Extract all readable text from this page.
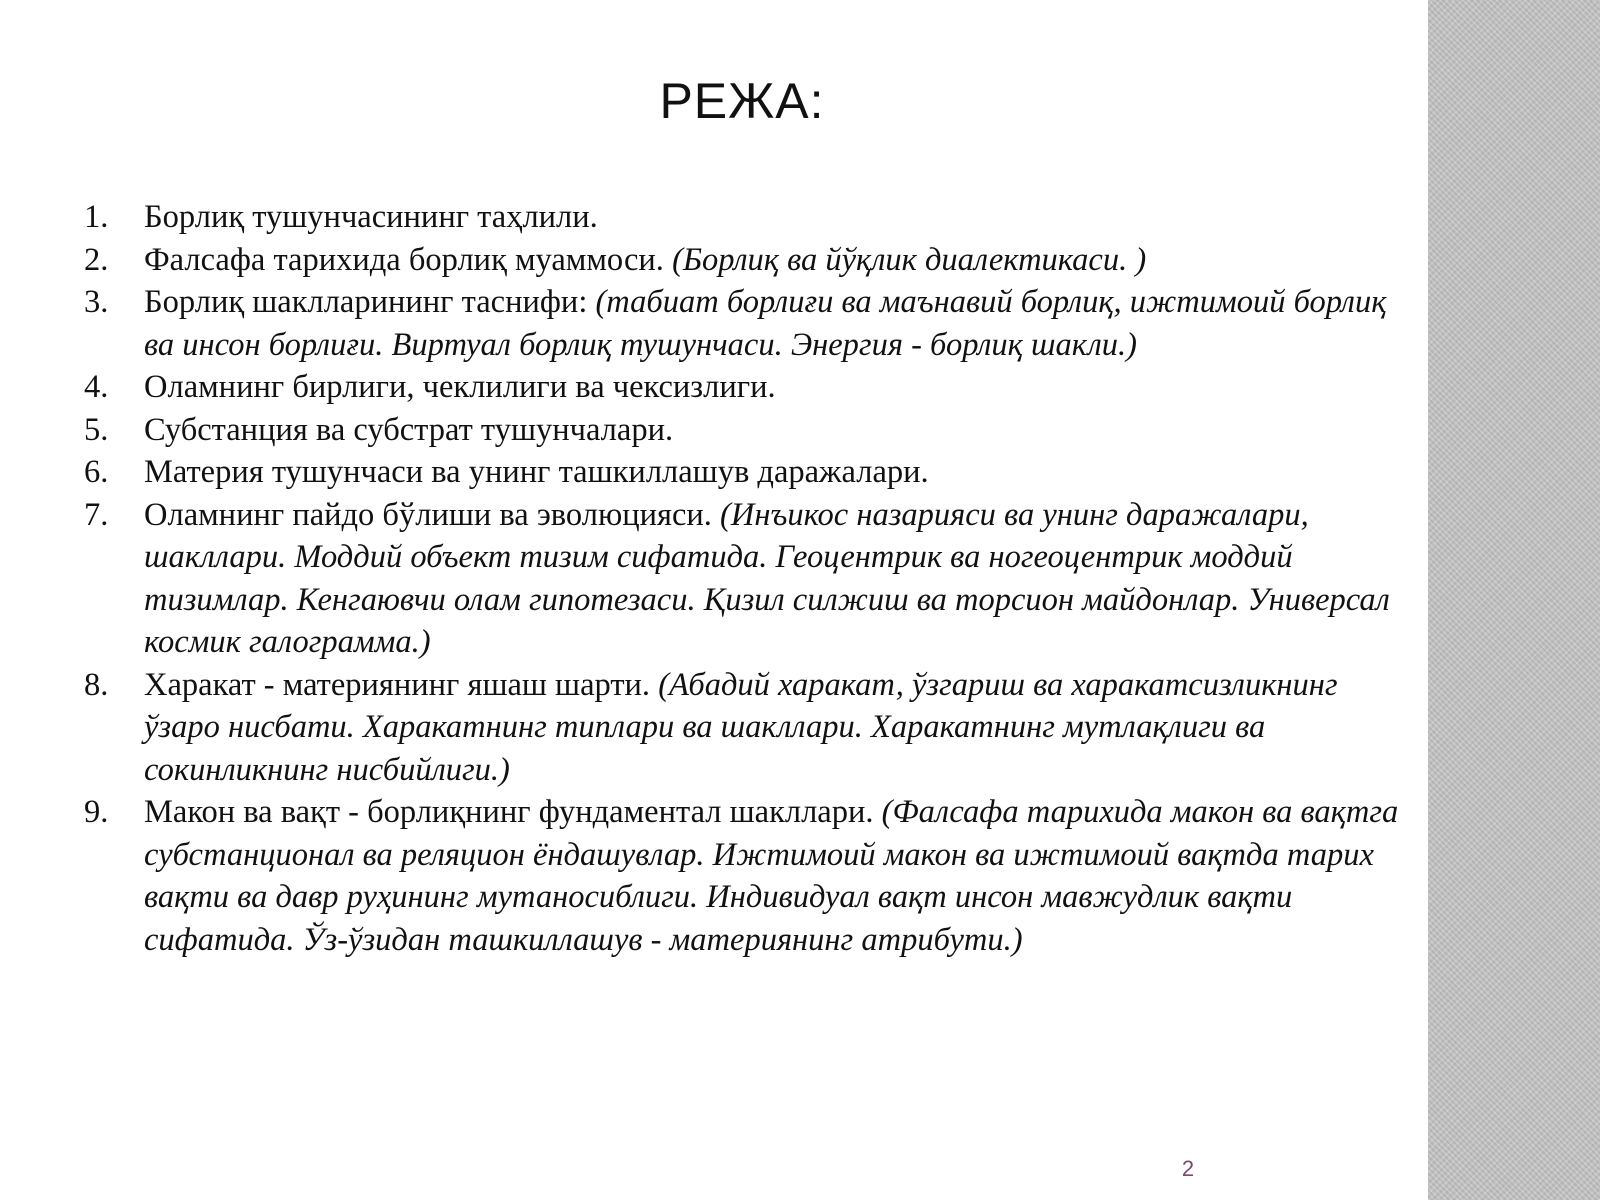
РЕЖА:
1. Борлиқ тушунчасининг таҳлили.
2. Фалсафа тарихида борлиқ муаммоси. (Борлиқ ва йўқлик диалектикаси. )
3. Борлиқ шаклларининг таснифи: (табиат борлиғи ва маънавий борлиқ, ижтимоий борлиқ ва инсон борлиғи. Виртуал борлиқ тушунчаси. Энергия - борлиқ шакли.)
4. Оламнинг бирлиги, чеклилиги ва чексизлиги.
5. Субстанция ва субстрат тушунчалари.
6. Материя тушунчаси ва унинг ташкиллашув даражалари.
7. Оламнинг пайдо бўлиши ва эволюцияси. (Инъикос назарияси ва унинг даражалари, шакллари. Моддий объект тизим сифатида. Геоцентрик ва ногеоцентрик моддий тизимлар. Кенгаювчи олам гипотезаси. Қизил силжиш ва торсион майдонлар. Универсал космик галограмма.)
8. Харакат - материянинг яшаш шарти. (Абадий харакат, ўзгариш ва харакатсизликнинг ўзаро нисбати. Харакатнинг типлари ва шакллари. Харакатнинг мутлақлиги ва сокинликнинг нисбийлиги.)
9. Макон ва вақт - борлиқнинг фундаментал шакллари. (Фалсафа тарихида макон ва вақтга субстанционал ва реляцион ёндашувлар. Ижтимоий макон ва ижтимоий вақтда тарих вақти ва давр руҳининг мутаносиблиги. Индивидуал вақт инсон мавжудлик вақти сифатида. Ўз-ўзидан ташкиллашув - материянинг атрибути.)
2
